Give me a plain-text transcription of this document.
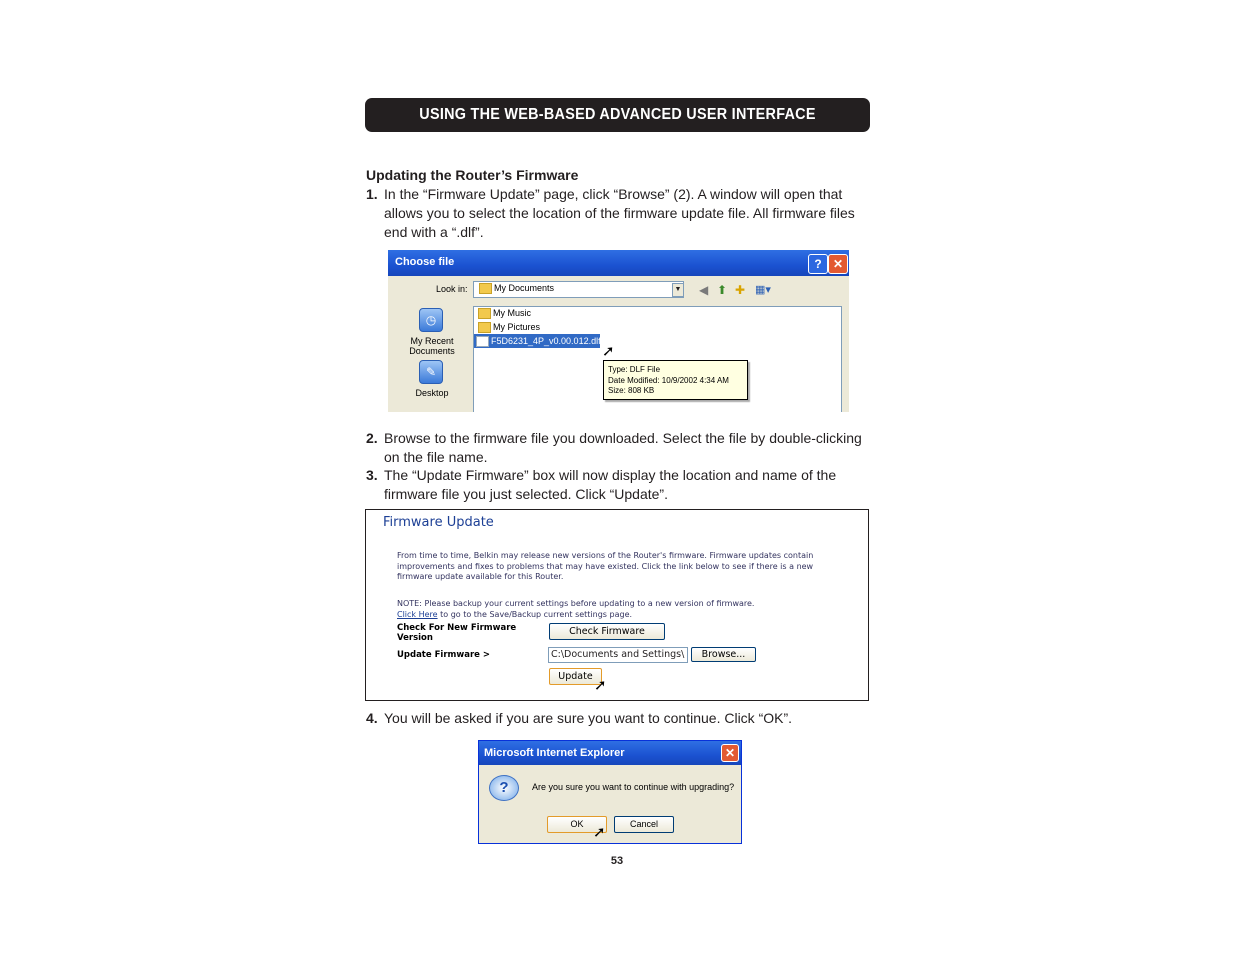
USING THE WEB-BASED ADVANCED USER INTERFACE
Updating the Router’s Firmware
1. In the “Firmware Update” page, click “Browse” (2). A window will open that allows you to select the location of the firmware update file. All firmware files end with a “.dlf”.
Choose file	? ✕
Look in:	My Documents	▼ ◀ ⬆ ✚ ▦▾
◷
My Recent Documents
✎
Desktop
My Music
My Pictures
F5D6231_4P_v0.00.012.dlf
➚
Type: DLF File
Date Modified: 10/9/2002 4:34 AM
Size: 808 KB
2. Browse to the firmware file you downloaded. Select the file by double-clicking on the file name.
3. The “Update Firmware” box will now display the location and name of the firmware file you just selected. Click “Update”.
Firmware Update
From time to time, Belkin may release new versions of the Router's firmware. Firmware updates contain improvements and fixes to problems that may have existed. Click the link below to see if there is a new firmware update available for this Router.
NOTE: Please backup your current settings before updating to a new version of firmware.
Click Here to go to the Save/Backup current settings page.
Check For New Firmware Version
Check Firmware
Update Firmware >	C:\Documents and Settings\	Browse...
Update
➚
4. You will be asked if you are sure you want to continue. Click “OK”.
Microsoft Internet Explorer	✕
?	Are you sure you want to continue with upgrading?
OK	Cancel
➚
53
